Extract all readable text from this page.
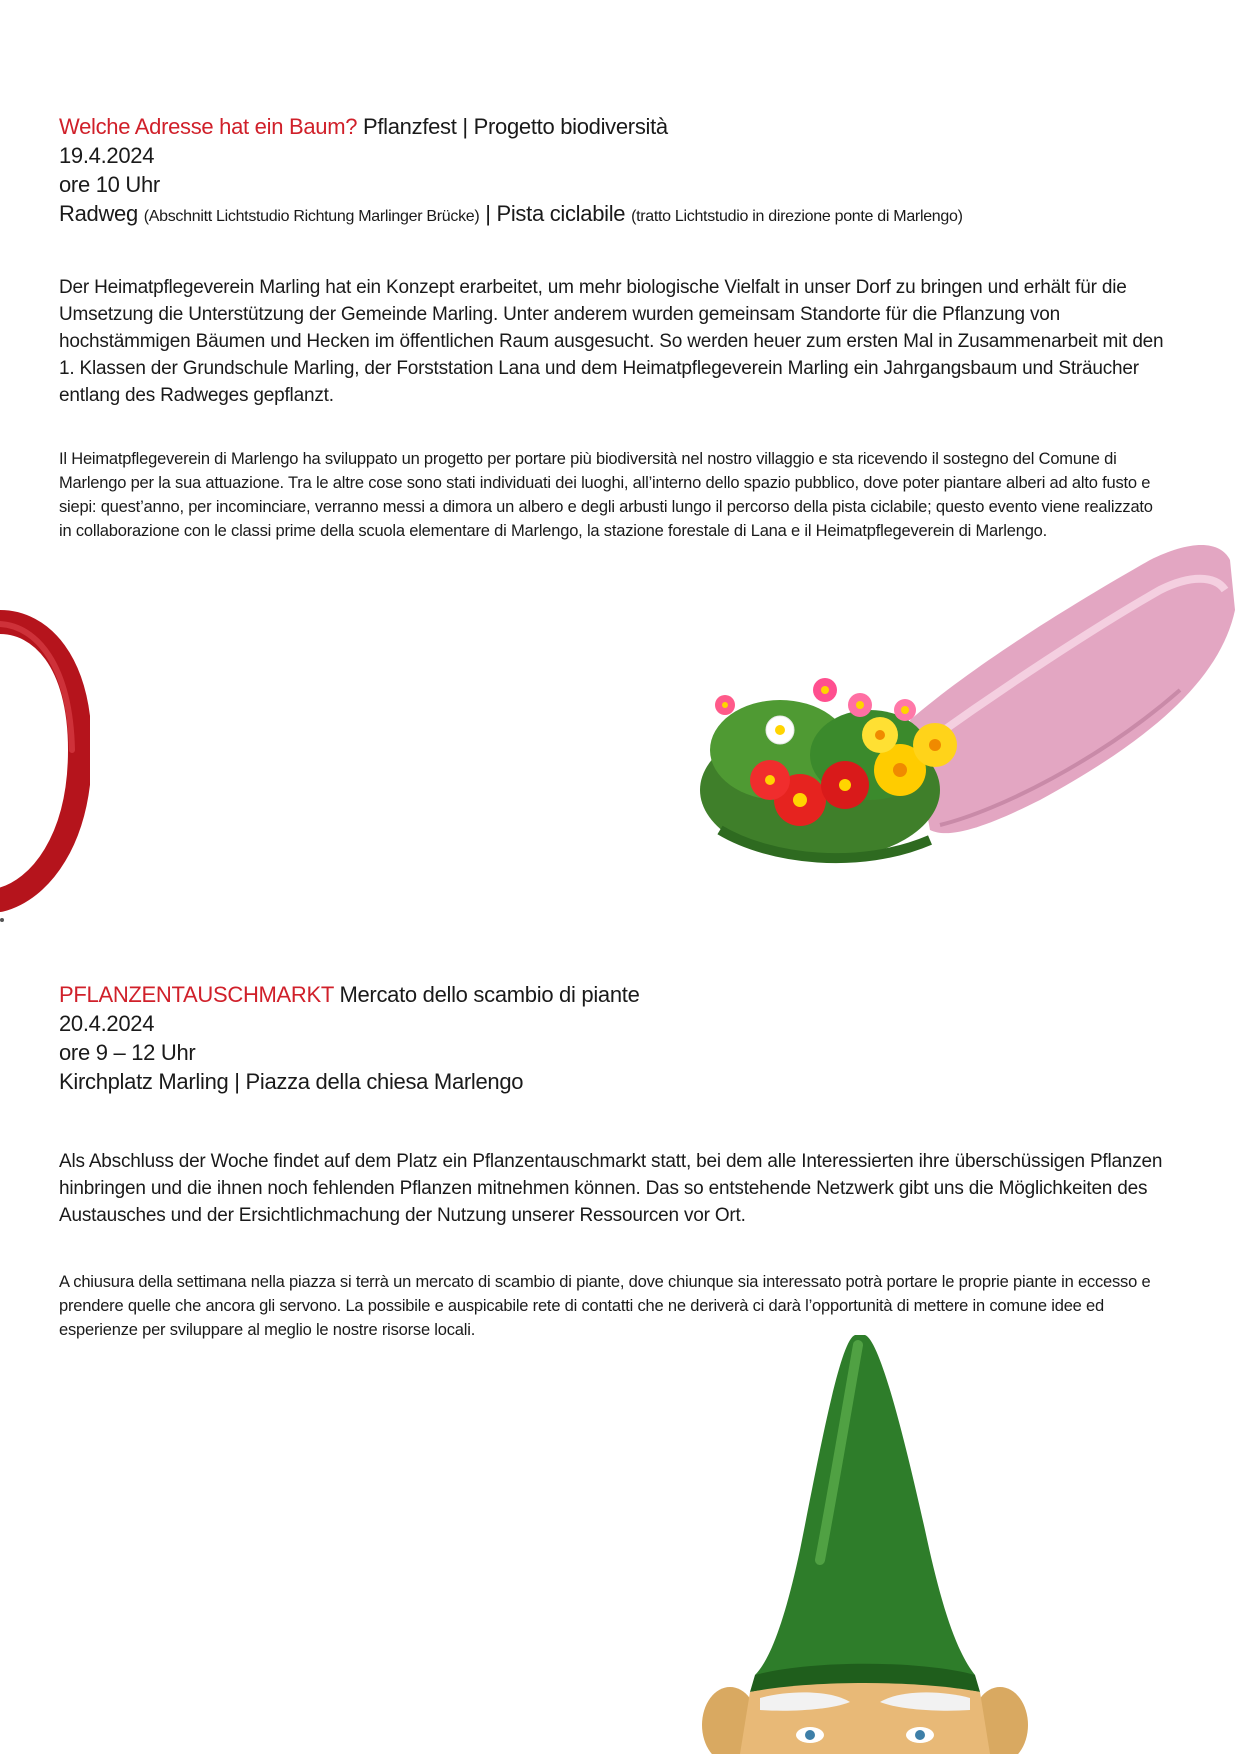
Welche Adresse hat ein Baum? Pflanzfest | Progetto biodiversità
19.4.2024
ore 10 Uhr
Radweg (Abschnitt Lichtstudio Richtung Marlinger Brücke) | Pista ciclabile (tratto Lichtstudio in direzione ponte di Marlengo)

Der Heimatpflegeverein Marling hat ein Konzept erarbeitet, um mehr biologische Vielfalt in unser Dorf zu bringen und erhält für die Umsetzung die Unterstützung der Gemeinde Marling. Unter anderem wurden gemeinsam Standorte für die Pflanzung von hochstämmigen Bäumen und Hecken im öffentlichen Raum ausgesucht. So werden heuer zum ersten Mal in Zusammenarbeit mit den 1. Klassen der Grundschule Marling, der Forststation Lana und dem Heimatpflegeverein Marling ein Jahrgangsbaum und Sträucher entlang des Radweges gepflanzt.

Il Heimatpflegeverein di Marlengo ha sviluppato un progetto per portare più biodiversità nel nostro villaggio e sta ricevendo il sostegno del Comune di Marlengo per la sua attuazione. Tra le altre cose sono stati individuati dei luoghi, all’interno dello spazio pubblico, dove poter piantare alberi ad alto fusto e siepi: quest’anno, per incominciare, verranno messi a dimora un albero e degli arbusti lungo il percorso della pista ciclabile; questo evento viene realizzato in collaborazione con le classi prime della scuola elementare di Marlengo, la stazione forestale di Lana e il Heimatpflegeverein di Marlengo.

PFLANZENTAUSCHMARKT Mercato dello scambio di piante
20.4.2024
ore 9 – 12 Uhr
Kirchplatz Marling | Piazza della chiesa Marlengo

Als Abschluss der Woche findet auf dem Platz ein Pflanzentauschmarkt statt, bei dem alle Interessierten ihre überschüssigen Pflanzen hinbringen und die ihnen noch fehlenden Pflanzen mitnehmen können. Das so entstehende Netzwerk gibt uns die Möglichkeiten des Austausches und der Ersichtlichmachung der Nutzung unserer Ressourcen vor Ort.

A chiusura della settimana nella piazza si terrà un mercato di scambio di piante, dove chiunque sia interessato potrà portare le proprie piante in eccesso e prendere quelle che ancora gli servono. La possibile e auspicabile rete di contatti che ne deriverà ci darà l’opportunità di mettere in comune idee ed esperienze per sviluppare al meglio le nostre risorse locali.
